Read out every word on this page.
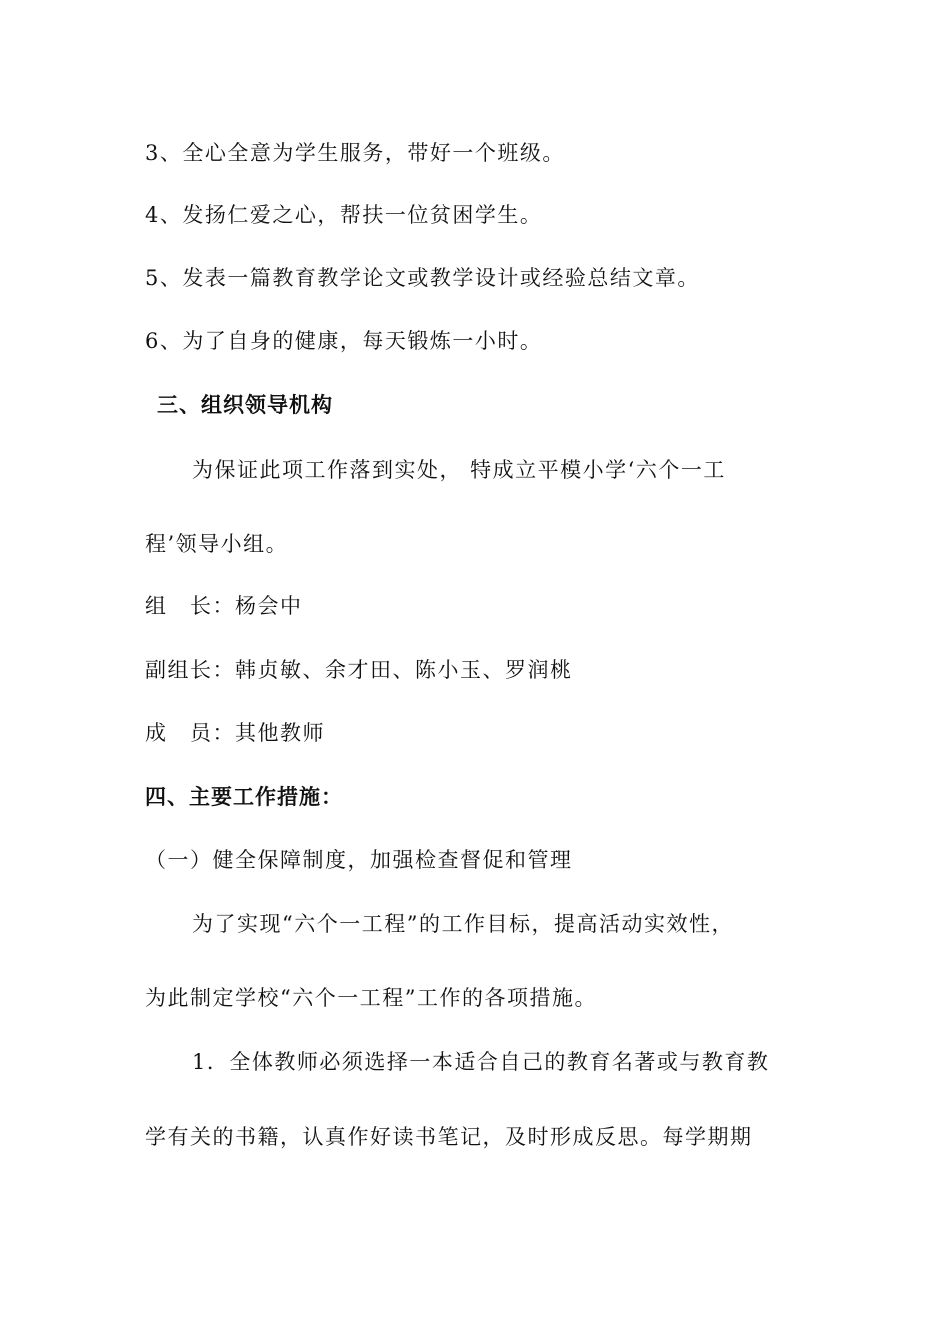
3、全心全意为学生服务，带好一个班级。
4、发扬仁爱之心，帮扶一位贫困学生。
5、发表一篇教育教学论文或教学设计或经验总结文章。
6、为了自身的健康，每天锻炼一小时。
三、组织领导机构
为保证此项工作落到实处， 特成立平模小学‘六个一工
程’领导小组。
组　长：杨会中
副组长：韩贞敏、余才田、陈小玉、罗润桃
成　员：其他教师
四、主要工作措施：
（一）健全保障制度，加强检查督促和管理
为了实现“六个一工程”的工作目标，提高活动实效性，
为此制定学校“六个一工程”工作的各项措施。
1．全体教师必须选择一本适合自己的教育名著或与教育教
学有关的书籍，认真作好读书笔记，及时形成反思。每学期期
